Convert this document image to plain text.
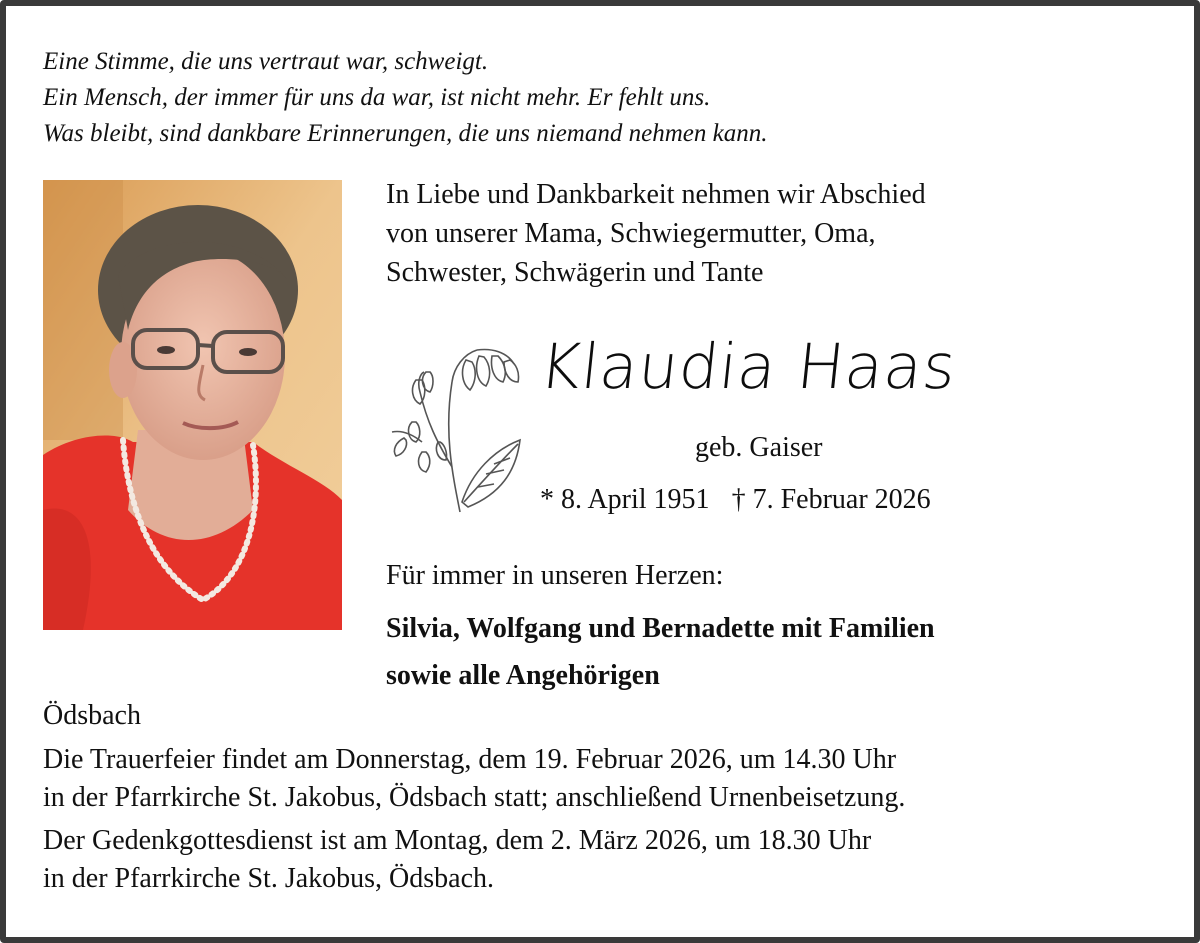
Eine Stimme, die uns vertraut war, schweigt.
Ein Mensch, der immer für uns da war, ist nicht mehr. Er fehlt uns.
Was bleibt, sind dankbare Erinnerungen, die uns niemand nehmen kann.
In Liebe und Dankbarkeit nehmen wir Abschied
von unserer Mama, Schwiegermutter, Oma,
Schwester, Schwägerin und Tante
Klaudia Haas
geb. Gaiser
* 8. April 1951 † 7. Februar 2026
Für immer in unseren Herzen:
Silvia, Wolfgang und Bernadette mit Familien
sowie alle Angehörigen
Ödsbach
Die Trauerfeier findet am Donnerstag, dem 19. Februar 2026, um 14.30 Uhr
in der Pfarrkirche St. Jakobus, Ödsbach statt; anschließend Urnenbeisetzung.
Der Gedenkgottesdienst ist am Montag, dem 2. März 2026, um 18.30 Uhr
in der Pfarrkirche St. Jakobus, Ödsbach.
